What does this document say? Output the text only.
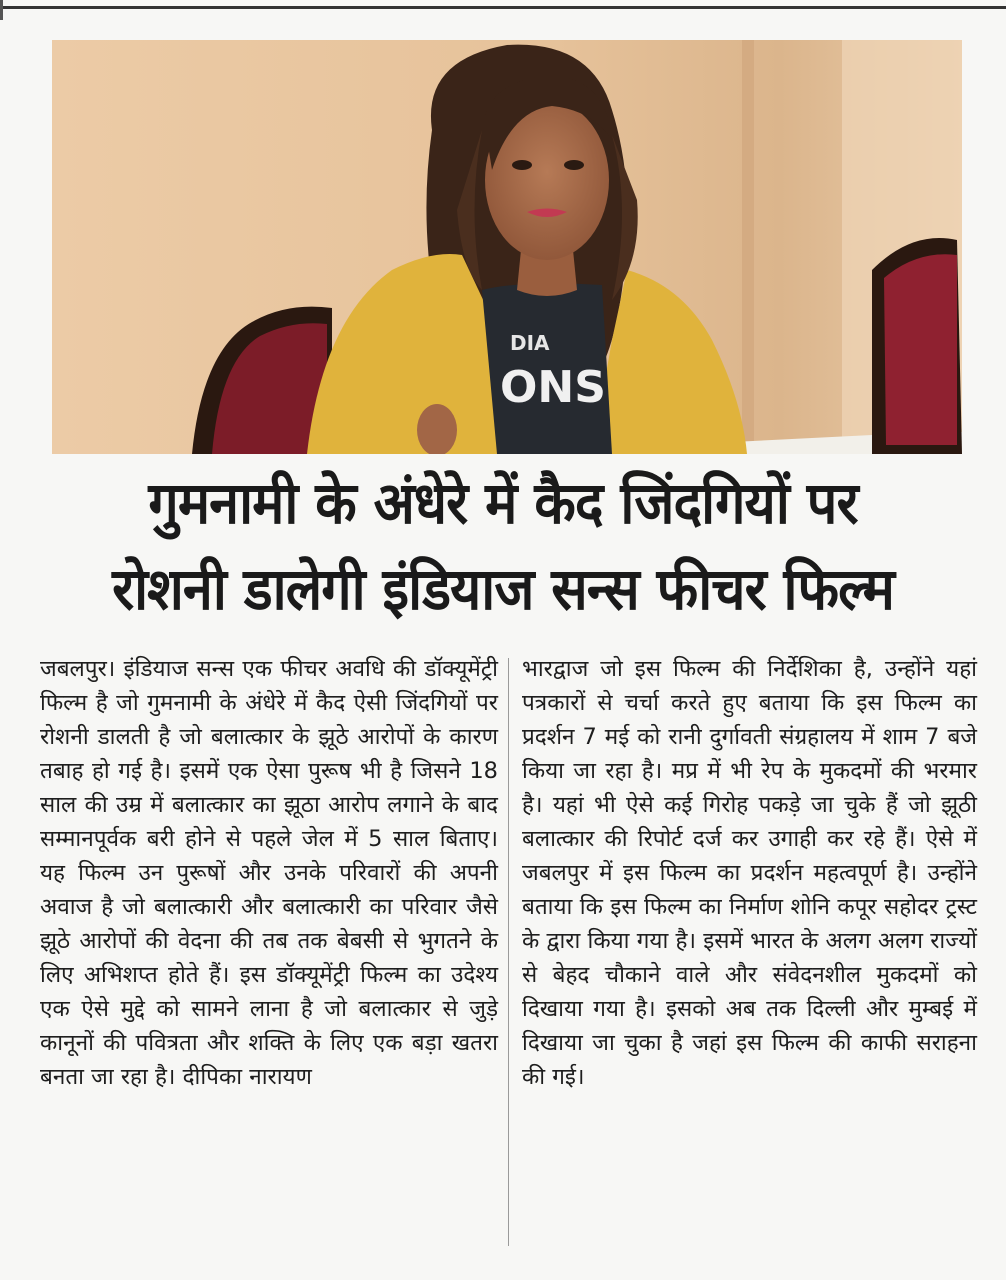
DIA
ONS
गुमनामी के अंधेरे में कैद जिंदगियों पर
रोशनी डालेगी इंडियाज सन्स फीचर फिल्म
जबलपुर। इंडियाज सन्स एक फीचर अवधि की डॉक्यूमेंट्री फिल्म है जो गुमनामी के अंधेरे में कैद ऐसी जिंदगियों पर रोशनी डालती है जो बलात्कार के झूठे आरोपों के कारण तबाह हो गई है। इसमें एक ऐसा पुरूष भी है जिसने 18 साल की उम्र में बलात्कार का झूठा आरोप लगाने के बाद सम्मानपूर्वक बरी होने से पहले जेल में 5 साल बिताए। यह फिल्म उन पुरूषों और उनके परिवारों की अपनी अवाज है जो बलात्कारी और बलात्कारी का परिवार जैसे झूठे आरोपों की वेदना की तब तक बेबसी से भुगतने के लिए अभिशप्त होते हैं। इस डॉक्यूमेंट्री फिल्म का उदेश्य एक ऐसे मुद्दे को सामने लाना है जो बलात्कार से जुड़े कानूनों की पवित्रता और शक्ति के लिए एक बड़ा खतरा बनता जा रहा है। दीपिका नारायण
भारद्वाज जो इस फिल्म की निर्देशिका है, उन्होंने यहां पत्रकारों से चर्चा करते हुए बताया कि इस फिल्म का प्रदर्शन 7 मई को रानी दुर्गावती संग्रहालय में शाम 7 बजे किया जा रहा है। मप्र में भी रेप के मुकदमों की भरमार है। यहां भी ऐसे कई गिरोह पकड़े जा चुके हैं जो झूठी बलात्कार की रिपोर्ट दर्ज कर उगाही कर रहे हैं। ऐसे में जबलपुर में इस फिल्म का प्रदर्शन महत्वपूर्ण है। उन्होंने बताया कि इस फिल्म का निर्माण शोनि कपूर सहोदर ट्रस्ट के द्वारा किया गया है। इसमें भारत के अलग अलग राज्यों से बेहद चौकाने वाले और संवेदनशील मुकदमों को दिखाया गया है। इसको अब तक दिल्ली और मुम्बई में दिखाया जा चुका है जहां इस फिल्म की काफी सराहना की गई।
